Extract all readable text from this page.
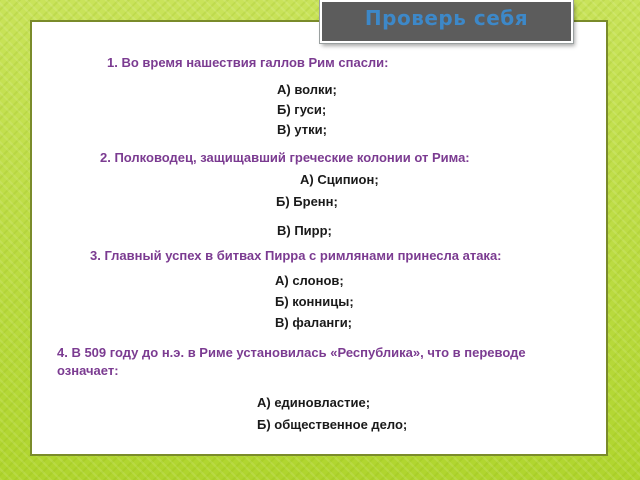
Проверь себя
1. Во время нашествия галлов Рим спасли:
А) волки;
Б) гуси;
В) утки;
2. Полководец, защищавший греческие колонии от Рима:
А) Сципион;
Б) Бренн;
В) Пирр;
3. Главный успех в битвах Пирра с римлянами принесла атака:
А) слонов;
Б) конницы;
В) фаланги;
4. В 509 году до н.э. в Риме установилась «Республика», что в переводе означает:
А) единовластие;
Б) общественное дело;
